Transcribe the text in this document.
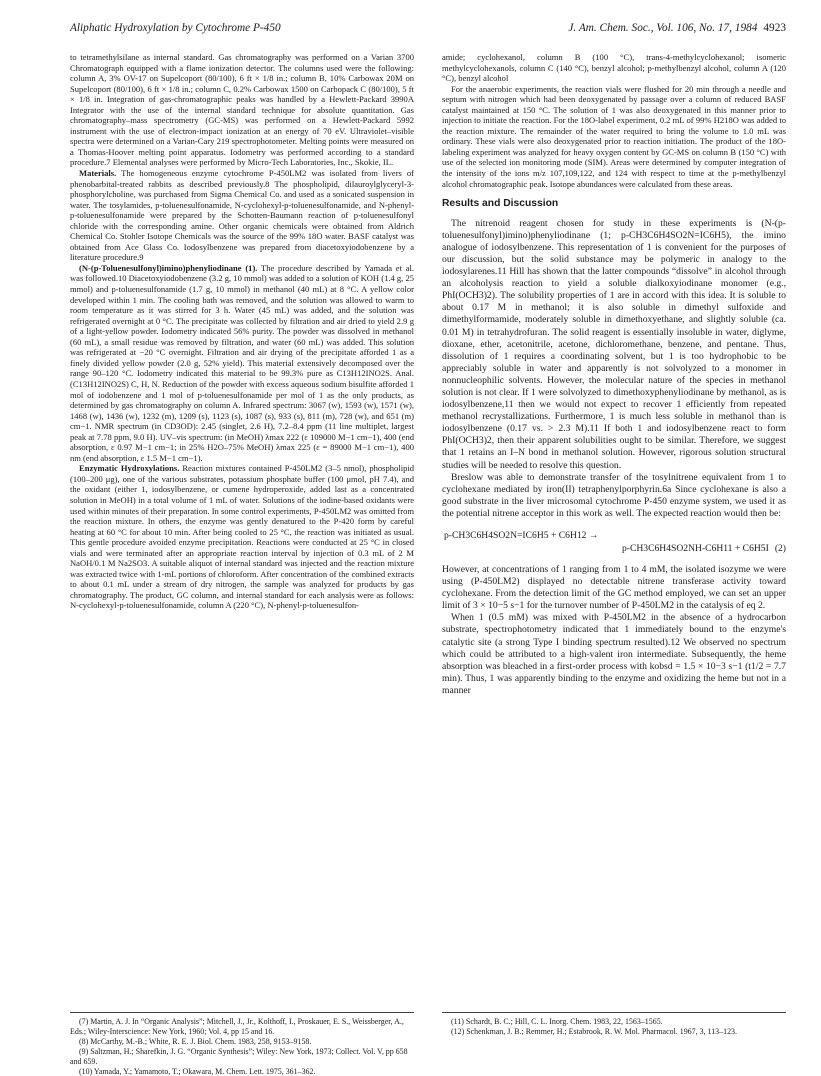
Aliphatic Hydroxylation by Cytochrome P-450	J. Am. Chem. Soc., Vol. 106, No. 17, 1984 4923

to tetramethylsilane as internal standard. Gas chromatography was performed on a Varian 3700 Chromatograph equipped with a flame ionization detector. The columns used were the following: column A, 3% OV-17 on Supelcoport (80/100), 6 ft × 1/8 in.; column B, 10% Carbowax 20M on Supelcoport (80/100), 6 ft × 1/8 in.; column C, 0.2% Carbowax 1500 on Carbopack C (80/100), 5 ft × 1/8 in. Integration of gas-chromatographic peaks was handled by a Hewlett-Packard 3990A Integrator with the use of the internal standard technique for absolute quantitation. Gas chromatography–mass spectrometry (GC-MS) was performed on a Hewlett-Packard 5992 instrument with the use of electron-impact ionization at an energy of 70 eV. Ultraviolet–visible spectra were determined on a Varian-Cary 219 spectrophotometer. Melting points were measured on a Thomas-Hoover melting point apparatus. Iodometry was performed according to a standard procedure.7 Elemental analyses were performed by Micro-Tech Laboratories, Inc., Skokie, IL.

Materials. The homogeneous enzyme cytochrome P-450LM2 was isolated from livers of phenobarbital-treated rabbits as described previously.8 The phospholipid, dilauroylglyceryl-3-phosphorylcholine, was purchased from Sigma Chemical Co. and used as a sonicated suspension in water. The tosylamides, p-toluenesulfonamide, N-cyclohexyl-p-toluenesulfonamide, and N-phenyl-p-toluenesulfonamide were prepared by the Schotten-Baumann reaction of p-toluenesulfonyl chloride with the corresponding amine. Other organic chemicals were obtained from Aldrich Chemical Co. Stohler Isotope Chemicals was the source of the 99% 18O water. BASF catalyst was obtained from Ace Glass Co. Iodosylbenzene was prepared from diacetoxyiodobenzene by a literature procedure.9

(N-(p-Toluenesulfonyl)imino)phenyliodinane (1). The procedure described by Yamada et al. was followed.10 Diacetoxyiodobenzene (3.2 g, 10 mmol) was added to a solution of KOH (1.4 g, 25 mmol) and p-toluenesulfonamide (1.7 g, 10 mmol) in methanol (40 mL) at 8 °C. A yellow color developed within 1 min. The cooling bath was removed, and the solution was allowed to warm to room temperature as it was stirred for 3 h. Water (45 mL) was added, and the solution was refrigerated overnight at 0 °C. The precipitate was collected by filtration and air dried to yield 2.9 g of a light-yellow powder. Iodometry indicated 56% purity. The powder was dissolved in methanol (60 mL), a small residue was removed by filtration, and water (60 mL) was added. This solution was refrigerated at −20 °C overnight. Filtration and air drying of the precipitate afforded 1 as a finely divided yellow powder (2.0 g, 52% yield). This material extensively decomposed over the range 90–120 °C. Iodometry indicated this material to be 99.3% pure as C13H12INO2S. Anal. (C13H12INO2S) C, H, N. Reduction of the powder with excess aqueous sodium bisulfite afforded 1 mol of iodobenzene and 1 mol of p-toluenesulfonamide per mol of 1 as the only products, as determined by gas chromatography on column A. Infrared spectrum: 3067 (w), 1593 (w), 1571 (w), 1468 (w), 1436 (w), 1232 (m), 1209 (s), 1123 (s), 1087 (s), 933 (s), 811 (m), 728 (w), and 651 (m) cm−1. NMR spectrum (in CD3OD): 2.45 (singlet, 2.6 H), 7.2–8.4 ppm (11 line multiplet, largest peak at 7.78 ppm, 9.0 H). UV–vis spectrum: (in MeOH) λmax 222 (ε 109000 M−1 cm−1), 400 (end absorption, ε 0.97 M−1 cm−1; in 25% H2O–75% MeOH) λmax 225 (ε = 89000 M−1 cm−1), 400 nm (end absorption, ε 1.5 M−1 cm−1).

Enzymatic Hydroxylations. Reaction mixtures contained P-450LM2 (3–5 nmol), phospholipid (100–200 μg), one of the various substrates, potassium phosphate buffer (100 μmol, pH 7.4), and the oxidant (either 1, iodosylbenzene, or cumene hydroperoxide, added last as a concentrated solution in MeOH) in a total volume of 1 mL of water. Solutions of the iodine-based oxidants were used within minutes of their preparation. In some control experiments, P-450LM2 was omitted from the reaction mixture. In others, the enzyme was gently denatured to the P-420 form by careful heating at 60 °C for about 10 min. After being cooled to 25 °C, the reaction was initiated as usual. This gentle procedure avoided enzyme precipitation. Reactions were conducted at 25 °C in closed vials and were terminated after an appropriate reaction interval by injection of 0.3 mL of 2 M NaOH/0.1 M Na2SO3. A suitable aliquot of internal standard was injected and the reaction mixture was extracted twice with 1-mL portions of chloroform. After concentration of the combined extracts to about 0.1 mL under a stream of dry nitrogen, the sample was analyzed for products by gas chromatography. The product, GC column, and internal standard for each analysis were as follows: N-cyclohexyl-p-toluenesulfonamide, column A (220 °C), N-phenyl-p-toluenesulfon-

amide; cyclohexanol, column B (100 °C), trans-4-methylcyclohexanol; isomeric methylcyclohexanols, column C (140 °C), benzyl alcohol; p-methylbenzyl alcohol, column A (120 °C), benzyl alcohol

For the anaerobic experiments, the reaction vials were flushed for 20 min through a needle and septum with nitrogen which had been deoxygenated by passage over a column of reduced BASF catalyst maintained at 150 °C. The solution of 1 was also deoxygenated in this manner prior to injection to initiate the reaction. For the 18O-label experiment, 0.2 mL of 99% H218O was added to the reaction mixture. The remainder of the water required to bring the volume to 1.0 mL was ordinary. These vials were also deoxygenated prior to reaction initiation. The product of the 18O-labeling experiment was analyzed for heavy oxygen content by GC-MS on column B (150 °C) with use of the selected ion monitoring mode (SIM). Areas were determined by computer integration of the intensity of the ions m/z 107,109,122, and 124 with respect to time at the p-methylbenzyl alcohol chromatographic peak. Isotope abundances were calculated from these areas.

Results and Discussion

The nitrenoid reagent chosen for study in these experiments is (N-(p-toluenesulfonyl)imino)phenyliodinane (1; p-CH3C6H4SO2N=IC6H5), the imino analogue of iodosylbenzene. This representation of 1 is convenient for the purposes of our discussion, but the solid substance may be polymeric in analogy to the iodosylarenes.11 Hill has shown that the latter compounds “dissolve” in alcohol through an alcoholysis reaction to yield a soluble dialkoxyiodinane monomer (e.g., PhI(OCH3)2). The solubility properties of 1 are in accord with this idea. It is soluble to about 0.17 M in methanol; it is also soluble in dimethyl sulfoxide and dimethylformamide, moderately soluble in dimethoxyethane, and slightly soluble (ca. 0.01 M) in tetrahydrofuran. The solid reagent is essentially insoluble in water, diglyme, dioxane, ether, acetonitrile, acetone, dichloromethane, benzene, and pentane. Thus, dissolution of 1 requires a coordinating solvent, but 1 is too hydrophobic to be appreciably soluble in water and apparently is not solvolyzed to a monomer in nonnucleophilic solvents. However, the molecular nature of the species in methanol solution is not clear. If 1 were solvolyzed to dimethoxyphenyliodinane by methanol, as is iodosylbenzene,11 then we would not expect to recover 1 efficiently from repeated methanol recrystallizations. Furthermore, 1 is much less soluble in methanol than is iodosylbenzene (0.17 vs. > 2.3 M).11 If both 1 and iodosylbenzene react to form PhI(OCH3)2, then their apparent solubilities ought to be similar. Therefore, we suggest that 1 retains an I–N bond in methanol solution. However, rigorous solution structural studies will be needed to resolve this question.

Breslow was able to demonstrate transfer of the tosylnitrene equivalent from 1 to cyclohexane mediated by iron(II) tetraphenylporphyrin.6a Since cyclohexane is also a good substrate in the liver microsomal cytochrome P-450 enzyme system, we used it as the potential nitrene acceptor in this work as well. The expected reaction would then be:

p-CH3C6H4SO2N=IC6H5 + C6H12 →
p-CH3C6H4SO2NH-C6H11 + C6H5I (2)

However, at concentrations of 1 ranging from 1 to 4 mM, the isolated isozyme we were using (P-450LM2) displayed no detectable nitrene transferase activity toward cyclohexane. From the detection limit of the GC method employed, we can set an upper limit of 3 × 10−5 s−1 for the turnover number of P-450LM2 in the catalysis of eq 2.

When 1 (0.5 mM) was mixed with P-450LM2 in the absence of a hydrocarbon substrate, spectrophotometry indicated that 1 immediately bound to the enzyme's catalytic site (a strong Type I binding spectrum resulted).12 We observed no spectrum which could be attributed to a high-valent iron intermediate. Subsequently, the heme absorption was bleached in a first-order process with kobsd = 1.5 × 10−3 s−1 (t1/2 = 7.7 min). Thus, 1 was apparently binding to the enzyme and oxidizing the heme but not in a manner

(7) Martin, A. J. In “Organic Analysis”; Mitchell, J., Jr., Kolthoff, I., Proskauer, E. S., Weissberger, A., Eds.; Wiley-Interscience: New York, 1960; Vol. 4, pp 15 and 16.

(8) McCarthy, M.-B.; White, R. E. J. Biol. Chem. 1983, 258, 9153–9158.

(9) Saltzman, H.; Sharefkin, J. G. “Organic Synthesis”; Wiley: New York, 1973; Collect. Vol. V, pp 658 and 659.

(10) Yamada, Y.; Yamamoto, T.; Okawara, M. Chem. Lett. 1975, 361–362.

(11) Schardt, B. C.; Hill, C. L. Inorg. Chem. 1983, 22, 1563–1565.

(12) Schenkman, J. B.; Remmer, H.; Estabrook, R. W. Mol. Pharmacol. 1967, 3, 113–123.
